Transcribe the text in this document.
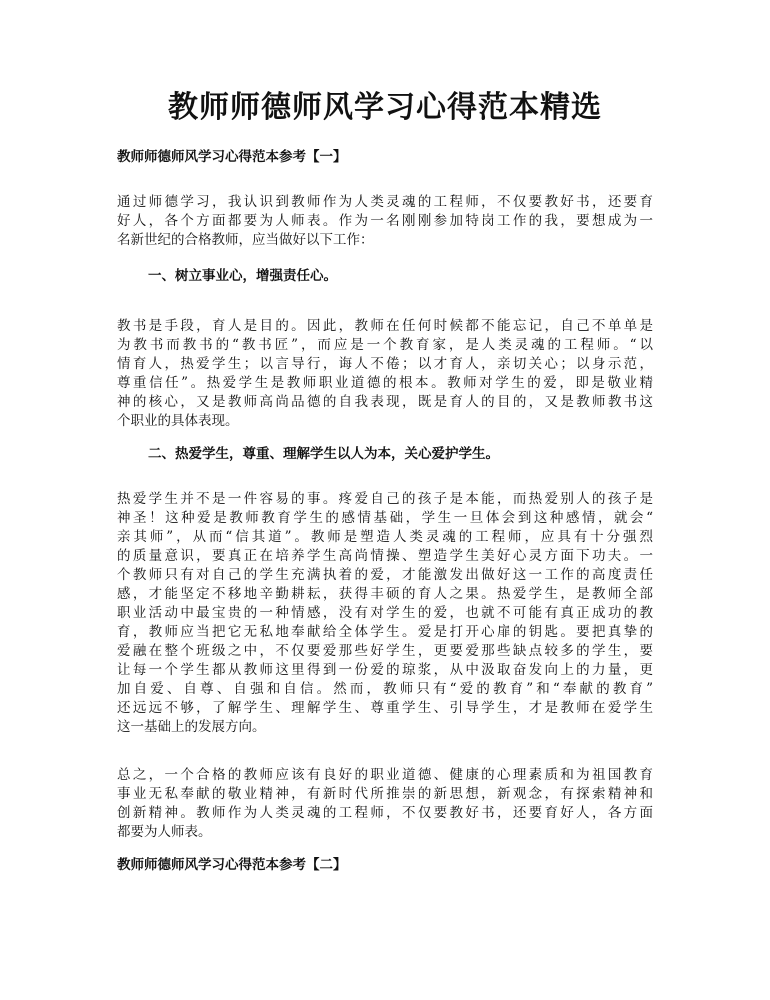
教师师德师风学习心得范本精选
教师师德师风学习心得范本参考【一】
通过师德学习，我认识到教师作为人类灵魂的工程师，不仅要教好书，还要育
好人，各个方面都要为人师表。作为一名刚刚参加特岗工作的我，要想成为一
名新世纪的合格教师，应当做好以下工作：
一、树立事业心，增强责任心。
教书是手段，育人是目的。因此，教师在任何时候都不能忘记，自己不单单是
为教书而教书的“教书匠”，而应是一个教育家，是人类灵魂的工程师。“以
情育人，热爱学生；以言导行，诲人不倦；以才育人，亲切关心；以身示范，
尊重信任”。热爱学生是教师职业道德的根本。教师对学生的爱，即是敬业精
神的核心，又是教师高尚品德的自我表现，既是育人的目的，又是教师教书这
个职业的具体表现。
二、热爱学生，尊重、理解学生以人为本，关心爱护学生。
热爱学生并不是一件容易的事。疼爱自己的孩子是本能，而热爱别人的孩子是
神圣！这种爱是教师教育学生的感情基础，学生一旦体会到这种感情，就会“
亲其师”，从而“信其道”。教师是塑造人类灵魂的工程师，应具有十分强烈
的质量意识，要真正在培养学生高尚情操、塑造学生美好心灵方面下功夫。一
个教师只有对自己的学生充满执着的爱，才能激发出做好这一工作的高度责任
感，才能坚定不移地辛勤耕耘，获得丰硕的育人之果。热爱学生，是教师全部
职业活动中最宝贵的一种情感，没有对学生的爱，也就不可能有真正成功的教
育，教师应当把它无私地奉献给全体学生。爱是打开心扉的钥匙。要把真挚的
爱融在整个班级之中，不仅要爱那些好学生，更要爱那些缺点较多的学生，要
让每一个学生都从教师这里得到一份爱的琼浆，从中汲取奋发向上的力量，更
加自爱、自尊、自强和自信。然而，教师只有“爱的教育”和“奉献的教育”
还远远不够，了解学生、理解学生、尊重学生、引导学生，才是教师在爱学生
这一基础上的发展方向。
总之，一个合格的教师应该有良好的职业道德、健康的心理素质和为祖国教育
事业无私奉献的敬业精神，有新时代所推崇的新思想，新观念，有探索精神和
创新精神。教师作为人类灵魂的工程师，不仅要教好书，还要育好人，各方面
都要为人师表。
教师师德师风学习心得范本参考【二】
